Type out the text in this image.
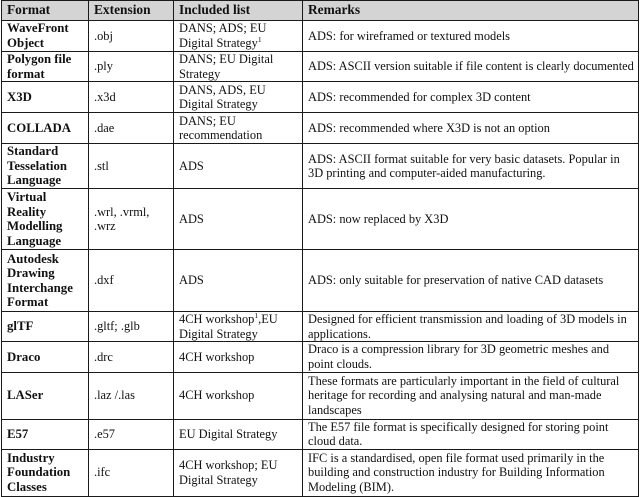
Format	Extension	Included list	Remarks
WaveFront Object	.obj	DANS; ADS; EU Digital Strategy$^1$	ADS: for wireframed or textured models
Polygon file format	.ply	DANS; EU Digital Strategy	ADS: ASCII version suitable if file content is clearly documented
X3D	.x3d	DANS, ADS, EU Digital Strategy	ADS: recommended for complex 3D content
COLLADA	.dae	DANS; EU recommendation	ADS: recommended where X3D is not an option
Standard Tesselation Language	.stl	ADS	ADS: ASCII format suitable for very basic datasets. Popular in 3D printing and computer-aided manufacturing.
Virtual Reality Modelling Language	.wrl, .vrml, .wrz	ADS	ADS: now replaced by X3D
Autodesk Drawing Interchange Format	.dxf	ADS	ADS: only suitable for preservation of native CAD datasets
glTF	.gltf; .glb	4CH workshop$^1$,EU Digital Strategy	Designed for efficient transmission and loading of 3D models in applications.
Draco	.drc	4CH workshop	Draco is a compression library for 3D geometric meshes and point clouds.
LASer	.laz /.las	4CH workshop	These formats are particularly important in the field of cultural heritage for recording and analysing natural and man-made landscapes
E57	.e57	EU Digital Strategy	The E57 file format is specifically designed for storing point cloud data.
Industry Foundation Classes	.ifc	4CH workshop; EU Digital Strategy	IFC is a standardised, open file format used primarily in the building and construction industry for Building Information Modeling (BIM).
